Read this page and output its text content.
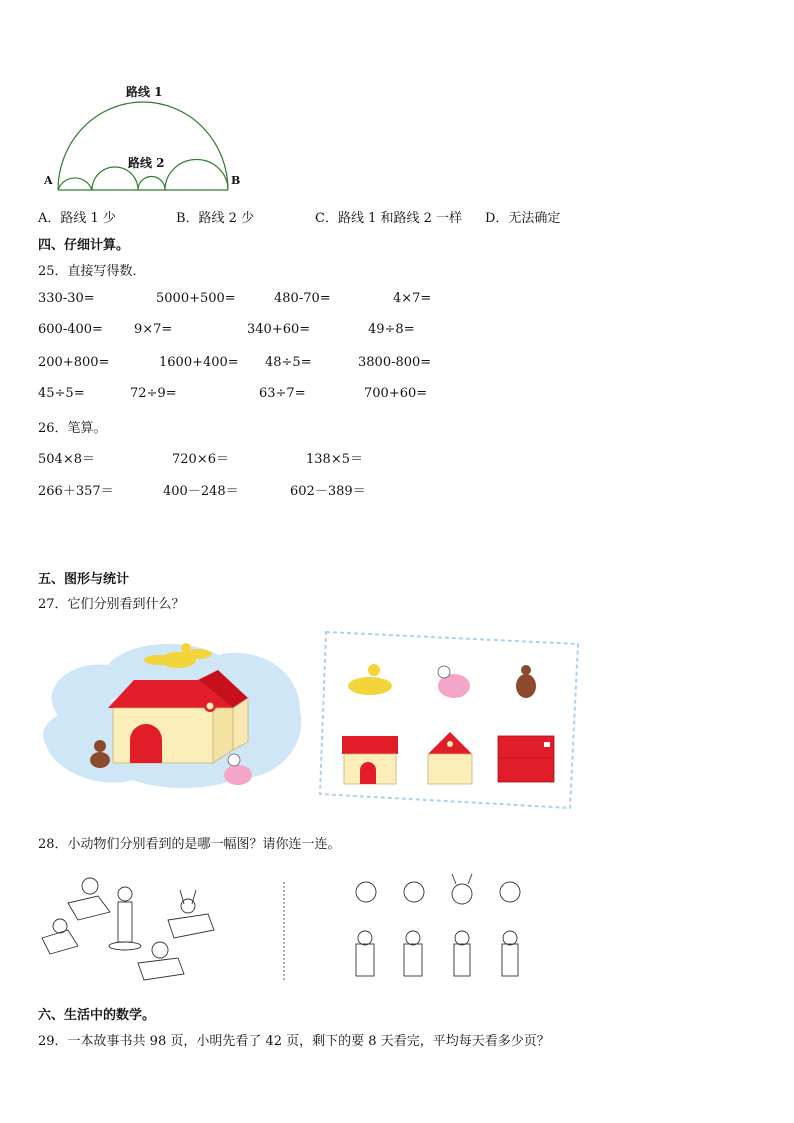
路线 1
路线 2
A	B
A．路线 1 少	B．路线 2 少	C．路线 1 和路线 2 一样 D．无法确定
四、仔细计算。
25．直接写得数．
330-30=	5000+500=	480-70=	4×7=
600-400= 9×7=	340+60=	49÷8=
200+800=	1600+400= 48÷5=	3800-800=
45÷5=	72÷9=	63÷7=	700+60=
26．笔算。
504×8＝	720×6＝	138×5＝
266＋357＝	400－248＝	602－389＝
五、图形与统计
27．它们分别看到什么？
28．小动物们分别看到的是哪一幅图？请你连一连。
六、生活中的数学。
29．一本故事书共 98 页，小明先看了 42 页，剩下的要 8 天看完，平均每天看多少页？
